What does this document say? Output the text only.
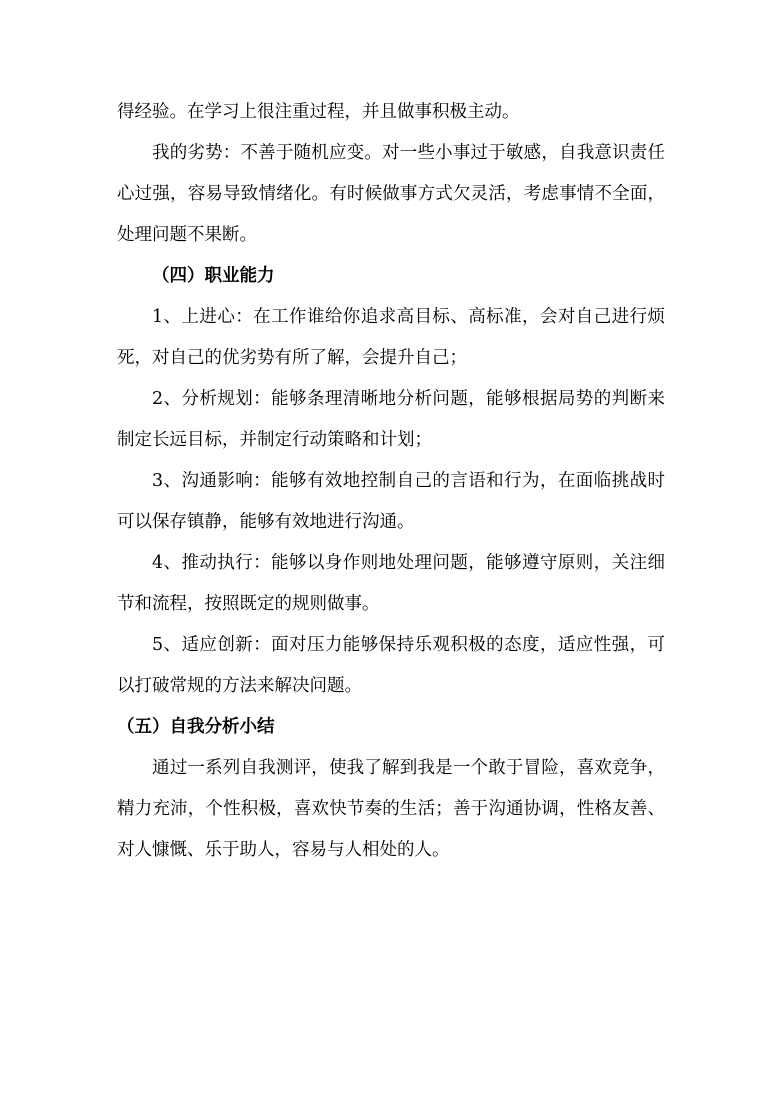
得经验。在学习上很注重过程，并且做事积极主动。

我的劣势：不善于随机应变。对一些小事过于敏感，自我意识责任心过强，容易导致情绪化。有时候做事方式欠灵活，考虑事情不全面，处理问题不果断。

（四）职业能力

1、上进心：在工作谁给你追求高目标、高标准，会对自己进行烦死，对自己的优劣势有所了解，会提升自己；

2、分析规划：能够条理清晰地分析问题，能够根据局势的判断来制定长远目标，并制定行动策略和计划；

3、沟通影响：能够有效地控制自己的言语和行为，在面临挑战时可以保存镇静，能够有效地进行沟通。

4、推动执行：能够以身作则地处理问题，能够遵守原则，关注细节和流程，按照既定的规则做事。

5、适应创新：面对压力能够保持乐观积极的态度，适应性强，可以打破常规的方法来解决问题。

（五）自我分析小结

通过一系列自我测评，使我了解到我是一个敢于冒险，喜欢竞争，精力充沛，个性积极，喜欢快节奏的生活；善于沟通协调，性格友善、对人慷慨、乐于助人，容易与人相处的人。
